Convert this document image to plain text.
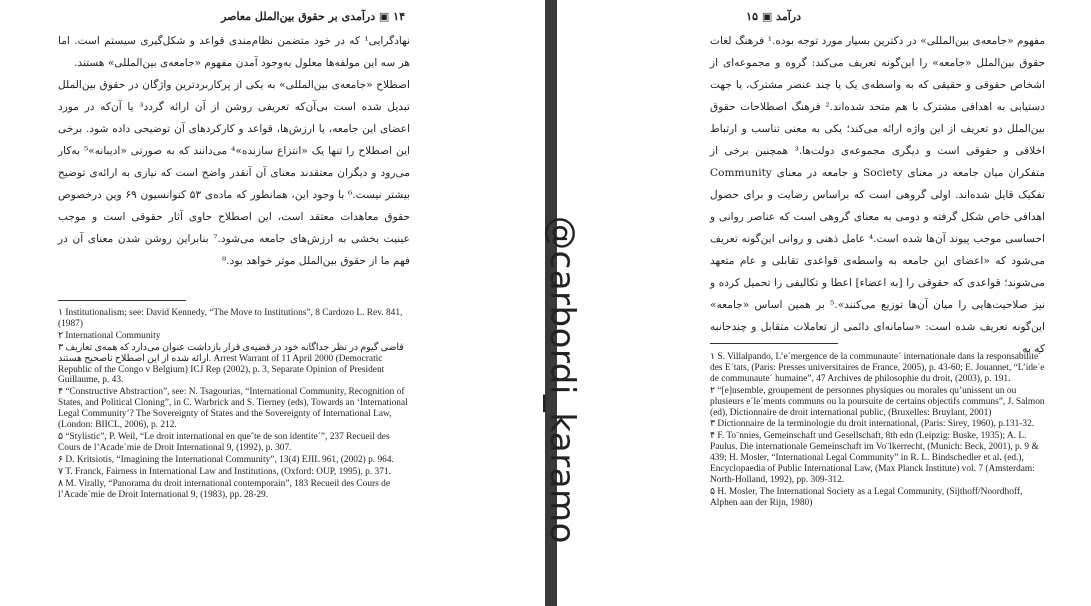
۱۴ ▣ درآمدی بر حقوق بین‌الملل معاصر

نهادگرایی¹ که در خود متضمن نظام‌مندی قواعد و شکل‌گیری سیستم است. اما هر سه این مولفه‌ها معلول به‌وجود آمدن مفهوم «جامعه‌ی بین‌المللی» هستند.

اصطلاح «جامعه‌ی بین‌المللی» به یکی از پرکاربردترین واژگان در حقوق بین‌الملل تبدیل شده است بی‌آن‌که تعریفی روشن از آن ارائه گردد³ یا آن‌که در مورد اعضای این جامعه، یا ارزش‌ها، قواعد و کارکردهای آن توضیحی داده شود. برخی این اصطلاح را تنها یک «انتزاع سازنده»⁴ می‌دانند که به صورتی «ادیبانه»⁵ به‌کار می‌رود و دیگران معتقدند معنای آن آنقدر واضح است که نیازی به ارائه‌ی توضیح بیشتر نیست.⁶ با وجود این، همانطور که ماده‌ی ۵۳ کنوانسیون ۶۹ وین درخصوص حقوق معاهدات معتقد است، این اصطلاح حاوی آثار حقوقی است و موجب عینیت بخشی به ارزش‌های جامعه می‌شود.⁷ بنابراین روشن شدن معنای آن در فهم ما از حقوق بین‌الملل موثر خواهد بود.⁸

۱ Institutionalism; see: David Kennedy, “The Move to Institutions”, 8 Cardozo L. Rev. 841, (1987)

۲ International Community

۳ قاضی گیوم در نظر جداگانه خود در قضیه‌ی قرار بازداشت عنوان می‌دارد که همه‌ی تعاریف ارائه شده از این اصطلاح ناصحیح هستند. Arrest Warrant of 11 April 2000 (Democratic Republic of the Congo v Belgium) ICJ Rep (2002), p. 3, Separate Opinion of President Guillaume, p. 43.

۴ “Constructive Abstraction”, see: N. Tsagourias, “International Community, Recognition of States, and Political Cloning”, in C. Warbrick and S. Tierney (eds), Towards an ‘International Legal Community’? The Sovereignty of States and the Sovereignty of International Law, (London: BIICL, 2006), p. 212.

۵ “Stylistic”, P. Weil, “Le droit international en queˆte de son identite´”, 237 Recueil des Cours de l’Acade´mie de Droit International 9, (1992), p. 307.

۶ D. Kritsiotis, “Imagining the International Community”, 13(4) EJIL 961, (2002) p. 964.

۷ T. Franck, Fairness in International Law and Institutions, (Oxford: OUP, 1995), p. 371.

۸ M. Virally, “Panorama du droit international contemporain”, 183 Recueil des Cours de l’Acade´mie de Droit International 9, (1983), pp. 28-29.	@carbordi_karamo
درآمد ▣ ۱۵

مفهوم «جامعه‌ی بین‌المللی» در دکترین بسیار مورد توجه بوده.¹ فرهنگ لغات حقوق بین‌الملل «جامعه» را این‌گونه تعریف می‌کند: گروه و مجموعه‌ای از اشخاص حقوقی و حقیقی که به واسطه‌ی یک یا چند عنصر مشترک، یا جهت دستیابی به اهدافی مشترک با هم متحد شده‌اند.² فرهنگ اصطلاحات حقوق بین‌الملل دو تعریف از این واژه ارائه می‌کند؛ یکی به معنی تناسب و ارتباط اخلاقی و حقوقی است و دیگری مجموعه‌ی دولت‌ها.³ همچنین برخی از متفکران میان جامعه در معنای Society و جامعه در معنای Community تفکیک قایل شده‌اند. اولی گروهی است که براساس رضایت و برای حصول اهدافی خاص شکل گرفته و دومی به معنای گروهی است که عناصر روانی و احساسی موجب پیوند آن‌ها شده است.⁴ عامل ذهنی و روانی این‌گونه تعریف می‌شود که «اعضای این جامعه به واسطه‌ی قواعدی تقابلی و عام متعهد می‌شوند؛ قواعدی که حقوقی را [به اعضاء] اعطا و تکالیفی را تحمیل کرده و نیز صلاحیت‌هایی را میان آن‌ها توزیع می‌کنند».⁵ بر همین اساس «جامعه» این‌گونه تعریف شده است: «سامانه‌ای دائمی از تعاملات متقابل و چندجانبه که به

۱ S. Villalpando, L’e´mergence de la communaute´ internationale dans la responsabilite´ des E´tats, (Paris: Presses universitaires de France, 2005), p. 43-60; E. Jouannet, “L’ide´e de communaute´ humaine”, 47 Archives de philosophie du droit, (2003), p. 191.

۲ “[e]nsemble, groupement de personnes physiques ou morales qu’unissent un ou plusieurs e´le´ments communs ou la poursuite de certains objectifs communs”, J. Salmon (ed), Dictionnaire de droit international public, (Bruxelles: Bruylant, 2001)

۳ Dictionnaire de la terminologie du droit international, (Paris: Sirey, 1960), p.131-32.

۴ F. To¨nnies, Gemeinschaft und Gesellschaft, 8th edn (Leipzig: Buske, 1935); A. L. Paulus, Die internationale Gemeinschaft im Vo¨lkerrecht, (Munich: Beck, 2001), p. 9 & 439; H. Mosler, “International Legal Community” in R. L. Bindschedler et al. (ed.), Encyclopaedia of Public International Law, (Max Planck Institute) vol. 7 (Amsterdam: North-Holland, 1992), pp. 309-312.

۵ H. Mosler, The International Society as a Legal Community, (Sijthoff/Noordhoff, Alphen aan der Rijn, 1980)
